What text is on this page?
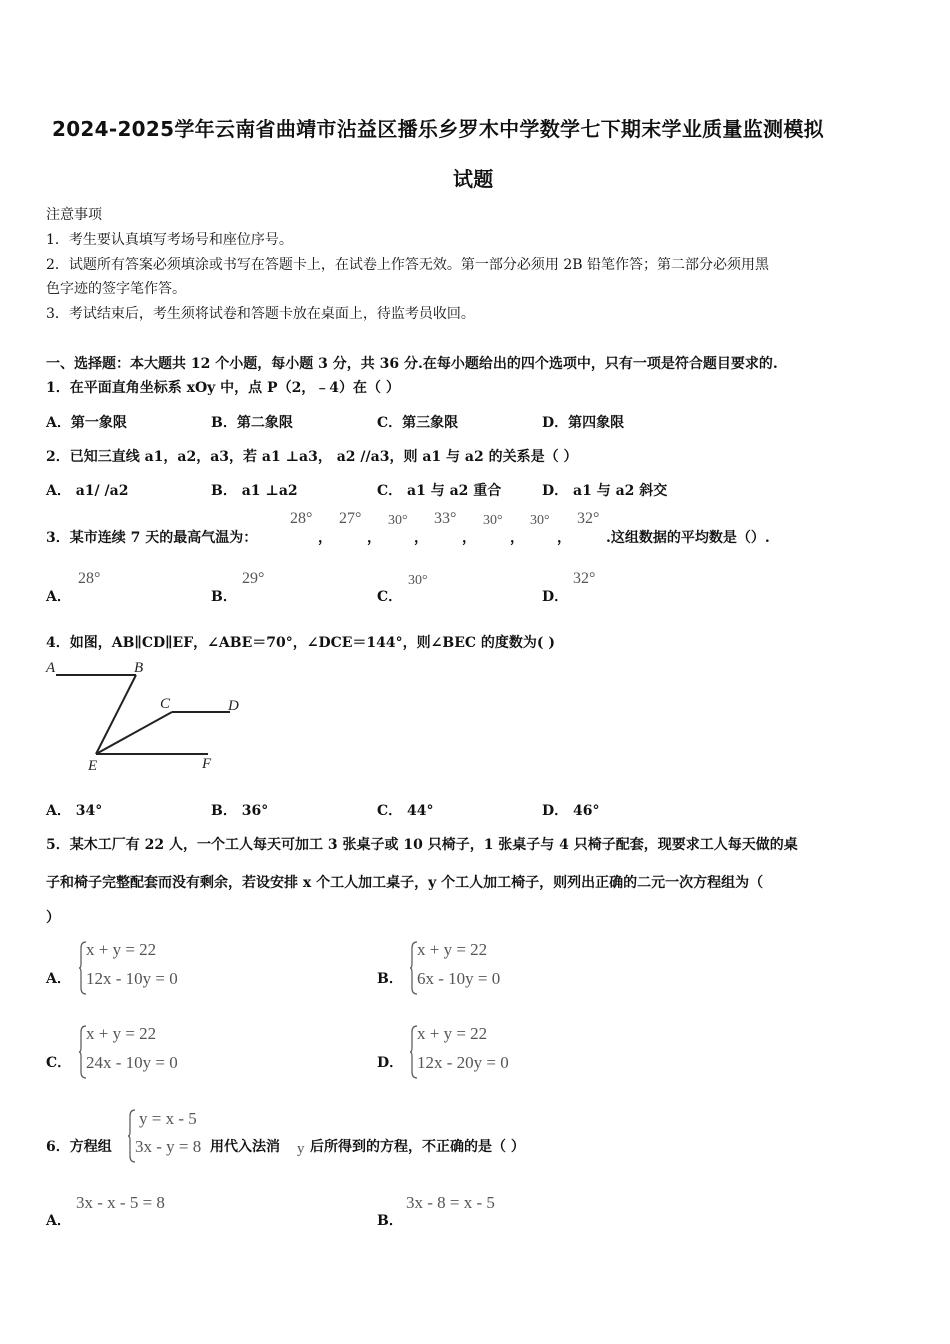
2024-2025学年云南省曲靖市沾益区播乐乡罗木中学数学七下期末学业质量监测模拟
试题
注意事项
1．考生要认真填写考场号和座位序号。
2．试题所有答案必须填涂或书写在答题卡上，在试卷上作答无效。第一部分必须用 2B 铅笔作答；第二部分必须用黑
色字迹的签字笔作答。
3．考试结束后，考生须将试卷和答题卡放在桌面上，待监考员收回。
一、选择题：本大题共 12 个小题，每小题 3 分，共 36 分.在每小题给出的四个选项中，只有一项是符合题目要求的.
1．在平面直角坐标系 xOy 中，点 P（2，﹣4）在（ ）
A．第一象限	B．第二象限	C．第三象限	D．第四象限
2．已知三直线 a1，a2，a3，若 a1 ⊥a3， a2 //a3，则 a1 与 a2 的关系是（ ）
A． a1/ /a2	B． a1 ⊥a2	C． a1 与 a2 重合	D． a1 与 a2 斜交
3．某市连续 7 天的最高气温为：
28°
，
27°
，
30°
，
33°
，
30°
，
30°
，
32°
.这组数据的平均数是（）.
A．
28°
B．
29°
C．
30°
D．
32°
4．如图，AB∥CD∥EF，∠ABE＝70°，∠DCE＝144°，则∠BEC 的度数为( )
A	B
C	D
E	F
A． 34°	B． 36°	C． 44°	D． 46°
5．某木工厂有 22 人，一个工人每天可加工 3 张桌子或 10 只椅子，1 张桌子与 4 只椅子配套，现要求工人每天做的桌
子和椅子完整配套而没有剩余，若设安排 x 个工人加工桌子，y 个工人加工椅子，则列出正确的二元一次方程组为（
）
A．
x + y = 22
12x - 10y = 0	B．
x + y = 22
6x - 10y = 0
C．
x + y = 22
24x - 10y = 0	D．
x + y = 22
12x - 20y = 0
6．方程组
y = x - 5
3x - y = 8 用代入法消 y 后所得到的方程，不正确的是（ ）
A．
3x - x - 5 = 8
B．
3x - 8 = x - 5
